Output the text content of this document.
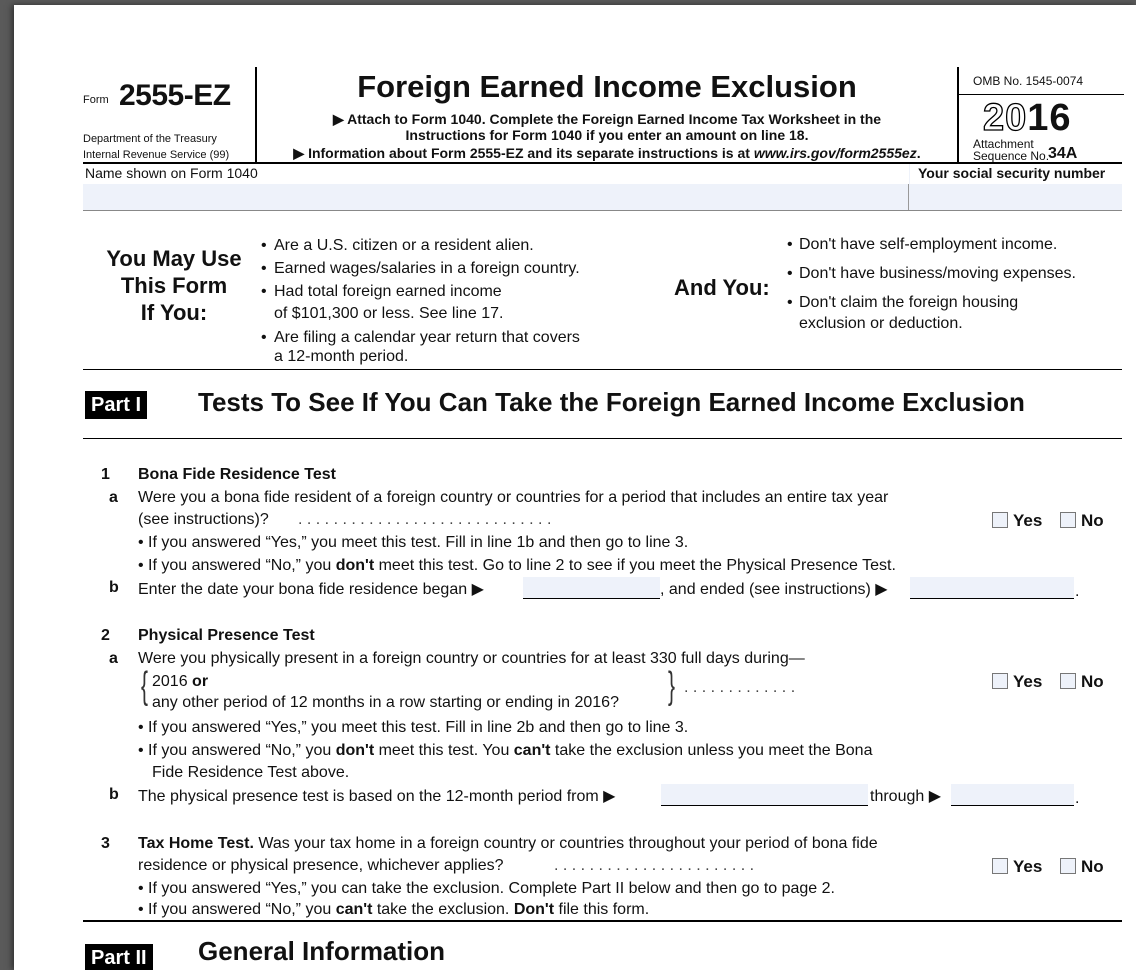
Form 2555-EZ
Department of the Treasury
Internal Revenue Service (99)
Foreign Earned Income Exclusion
▶ Attach to Form 1040. Complete the Foreign Earned Income Tax Worksheet in the
Instructions for Form 1040 if you enter an amount on line 18.
▶ Information about Form 2555-EZ and its separate instructions is at www.irs.gov/form2555ez.
OMB No. 1545-0074
2016
Attachment
Sequence No.
34A
Name shown on Form 1040	Your social security number
You May Use
This Form
If You:
• Are a U.S. citizen or a resident alien.
• Earned wages/salaries in a foreign country.
• Had total foreign earned income
of $101,300 or less. See line 17.
• Are filing a calendar year return that covers
a 12-month period.
And You:
• Don't have self-employment income.
• Don't have business/moving expenses.
• Don't claim the foreign housing
exclusion or deduction.
Part I Tests To See If You Can Take the Foreign Earned Income Exclusion
1 Bona Fide Residence Test
a Were you a bona fide resident of a foreign country or countries for a period that includes an entire tax year
(see instructions)? . . . . . . . . . . . . . . . . . . . . . . . . . . . . .	Yes No
• If you answered “Yes,” you meet this test. Fill in line 1b and then go to line 3.
• If you answered “No,” you don't meet this test. Go to line 2 to see if you meet the Physical Presence Test.
b Enter the date your bona fide residence began ▶	, and ended (see instructions) ▶	.
2 Physical Presence Test
a Were you physically present in a foreign country or countries for at least 330 full days during—
{ 2016 or
any other period of 12 months in a row starting or ending in 2016? } . . . . . . . . . . . . .	Yes No
• If you answered “Yes,” you meet this test. Fill in line 2b and then go to line 3.
• If you answered “No,” you don't meet this test. You can't take the exclusion unless you meet the Bona
Fide Residence Test above.
b The physical presence test is based on the 12-month period from ▶	through ▶	.
3 Tax Home Test. Was your tax home in a foreign country or countries throughout your period of bona fide
residence or physical presence, whichever applies?	. . . . . . . . . . . . . . . . . . . . . . .	Yes No
• If you answered “Yes,” you can take the exclusion. Complete Part II below and then go to page 2.
• If you answered “No,” you can't take the exclusion. Don't file this form.
Part II General Information
